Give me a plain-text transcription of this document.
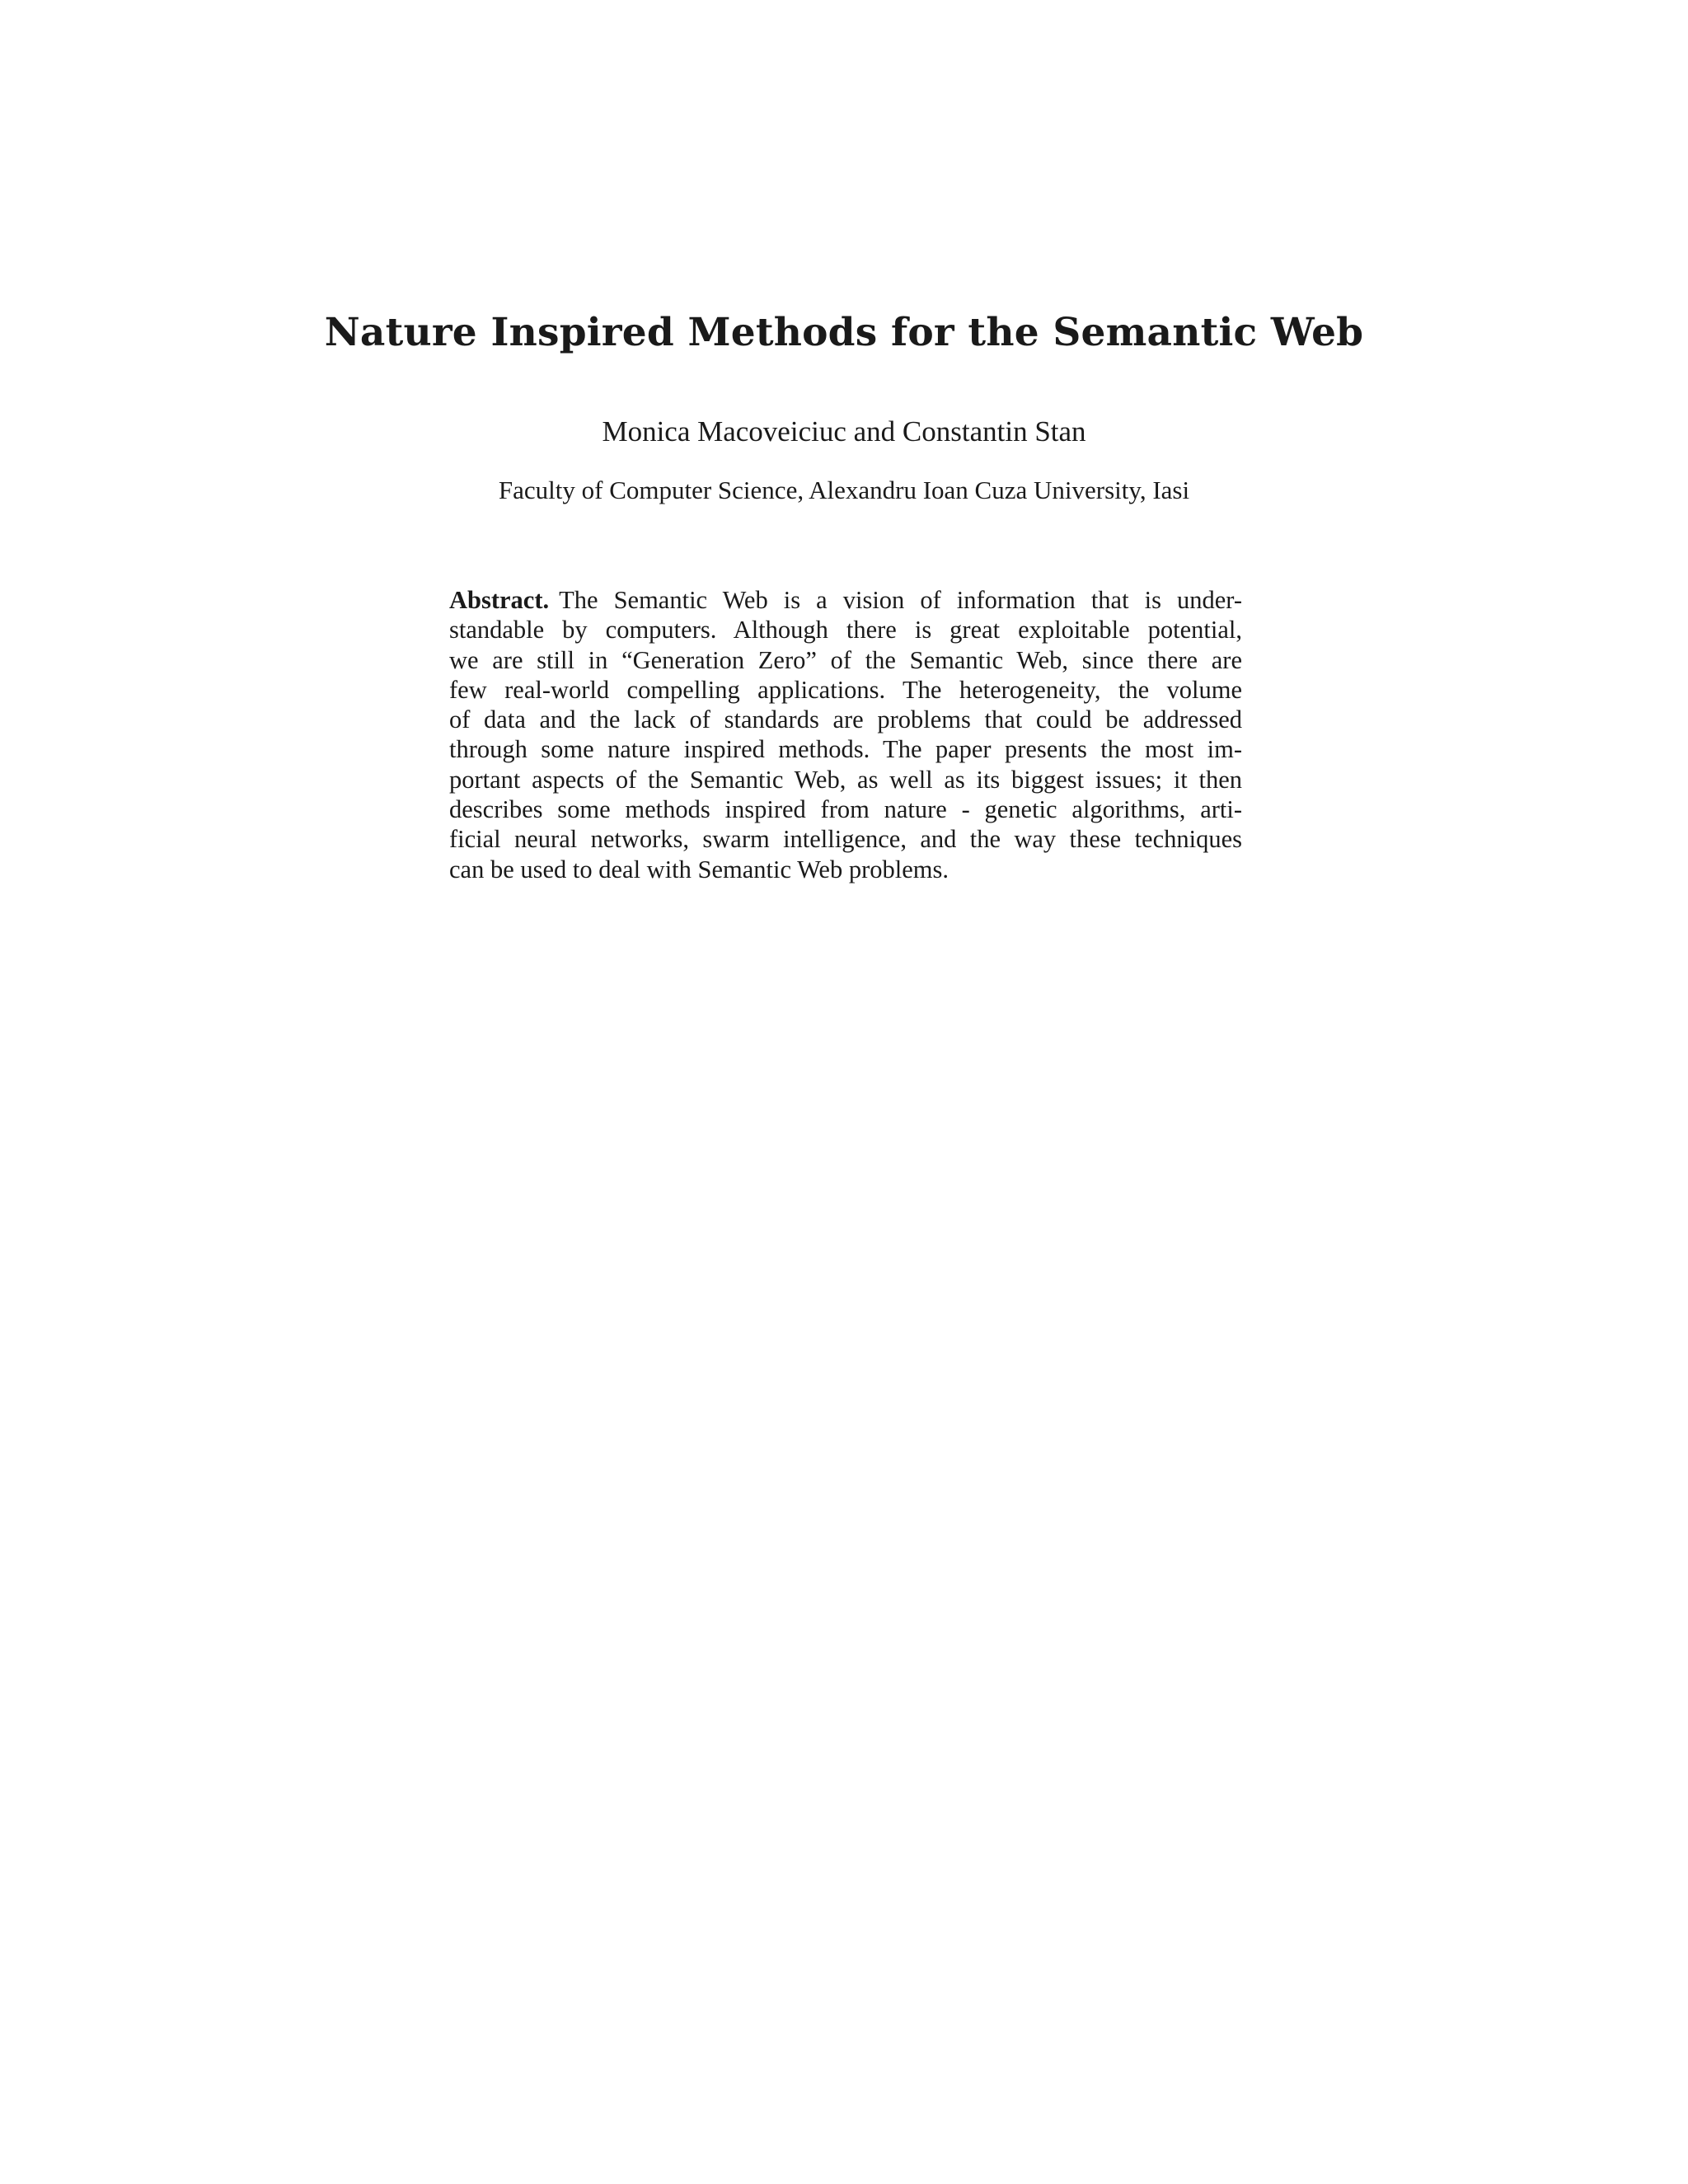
Nature Inspired Methods for the Semantic Web
Monica Macoveiciuc and Constantin Stan
Faculty of Computer Science, Alexandru Ioan Cuza University, Iasi
Abstract. The Semantic Web is a vision of information that is under-
standable by computers. Although there is great exploitable potential,
we are still in “Generation Zero” of the Semantic Web, since there are
few real-world compelling applications. The heterogeneity, the volume
of data and the lack of standards are problems that could be addressed
through some nature inspired methods. The paper presents the most im-
portant aspects of the Semantic Web, as well as its biggest issues; it then
describes some methods inspired from nature - genetic algorithms, arti-
ficial neural networks, swarm intelligence, and the way these techniques
can be used to deal with Semantic Web problems.
